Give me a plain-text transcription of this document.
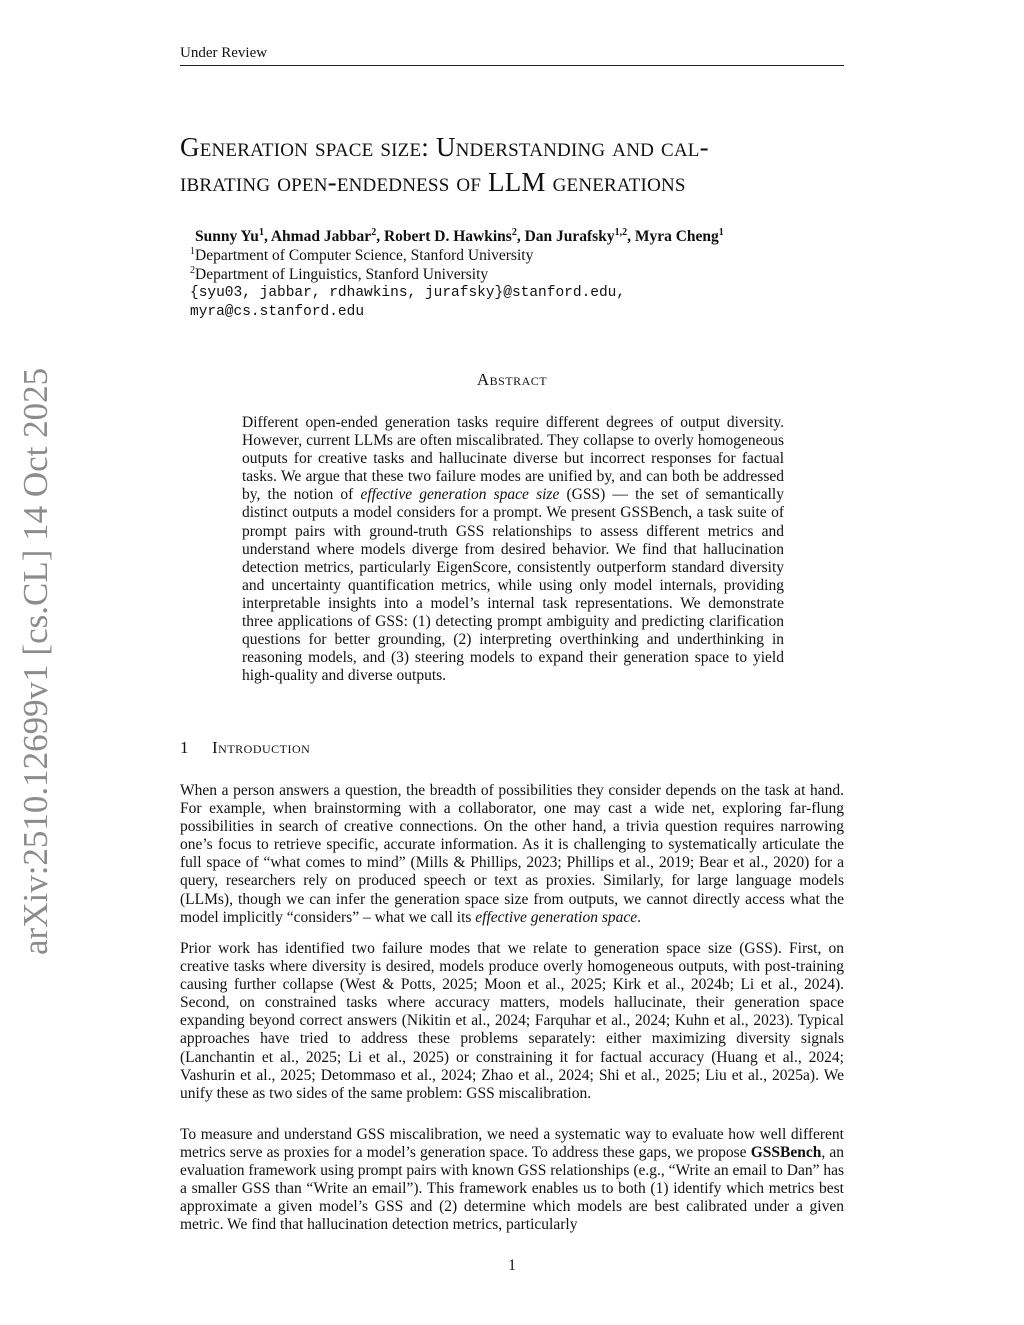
Under Review
arXiv:2510.12699v1 [cs.CL] 14 Oct 2025
Generation space size: Understanding and cal-
ibrating open-endedness of LLM generations
Sunny Yu$^1$, Ahmad Jabbar$^2$, Robert D. Hawkins$^2$, Dan Jurafsky$^{1,2}$, Myra Cheng$^1$
$^1$Department of Computer Science, Stanford University
$^2$Department of Linguistics, Stanford University
{syu03, jabbar, rdhawkins, jurafsky}@stanford.edu,
myra@cs.stanford.edu
Abstract

Different open-ended generation tasks require different degrees of output diversity. However, current LLMs are often miscalibrated. They collapse to overly homogeneous outputs for creative tasks and hallucinate diverse but incorrect responses for factual tasks. We argue that these two failure modes are unified by, and can both be addressed by, the notion of effective generation space size (GSS) — the set of semantically distinct outputs a model considers for a prompt. We present GSSBench, a task suite of prompt pairs with ground-truth GSS relationships to assess different metrics and understand where models diverge from desired behavior. We find that hallucination detection metrics, particularly EigenScore, consistently outperform standard diversity and uncertainty quantification metrics, while using only model internals, providing interpretable insights into a model’s internal task representations. We demonstrate three applications of GSS: (1) detecting prompt ambiguity and predicting clarification questions for better grounding, (2) interpreting overthinking and underthinking in reasoning models, and (3) steering models to expand their generation space to yield high-quality and diverse outputs.

1 Introduction

When a person answers a question, the breadth of possibilities they consider depends on the task at hand. For example, when brainstorming with a collaborator, one may cast a wide net, exploring far-flung possibilities in search of creative connections. On the other hand, a trivia question requires narrowing one’s focus to retrieve specific, accurate information. As it is challenging to systematically articulate the full space of “what comes to mind” (Mills & Phillips, 2023; Phillips et al., 2019; Bear et al., 2020) for a query, researchers rely on produced speech or text as proxies. Similarly, for large language models (LLMs), though we can infer the generation space size from outputs, we cannot directly access what the model implicitly “considers” – what we call its effective generation space.

Prior work has identified two failure modes that we relate to generation space size (GSS). First, on creative tasks where diversity is desired, models produce overly homogeneous outputs, with post-training causing further collapse (West & Potts, 2025; Moon et al., 2025; Kirk et al., 2024b; Li et al., 2024). Second, on constrained tasks where accuracy matters, models hallucinate, their generation space expanding beyond correct answers (Nikitin et al., 2024; Farquhar et al., 2024; Kuhn et al., 2023). Typical approaches have tried to address these problems separately: either maximizing diversity signals (Lanchantin et al., 2025; Li et al., 2025) or constraining it for factual accuracy (Huang et al., 2024; Vashurin et al., 2025; Detommaso et al., 2024; Zhao et al., 2024; Shi et al., 2025; Liu et al., 2025a). We unify these as two sides of the same problem: GSS miscalibration.

To measure and understand GSS miscalibration, we need a systematic way to evaluate how well different metrics serve as proxies for a model’s generation space. To address these gaps, we propose GSSBench, an evaluation framework using prompt pairs with known GSS relationships (e.g., “Write an email to Dan” has a smaller GSS than “Write an email”). This framework enables us to both (1) identify which metrics best approximate a given model’s GSS and (2) determine which models are best calibrated under a given metric. We find that hallucination detection metrics, particularly

1
